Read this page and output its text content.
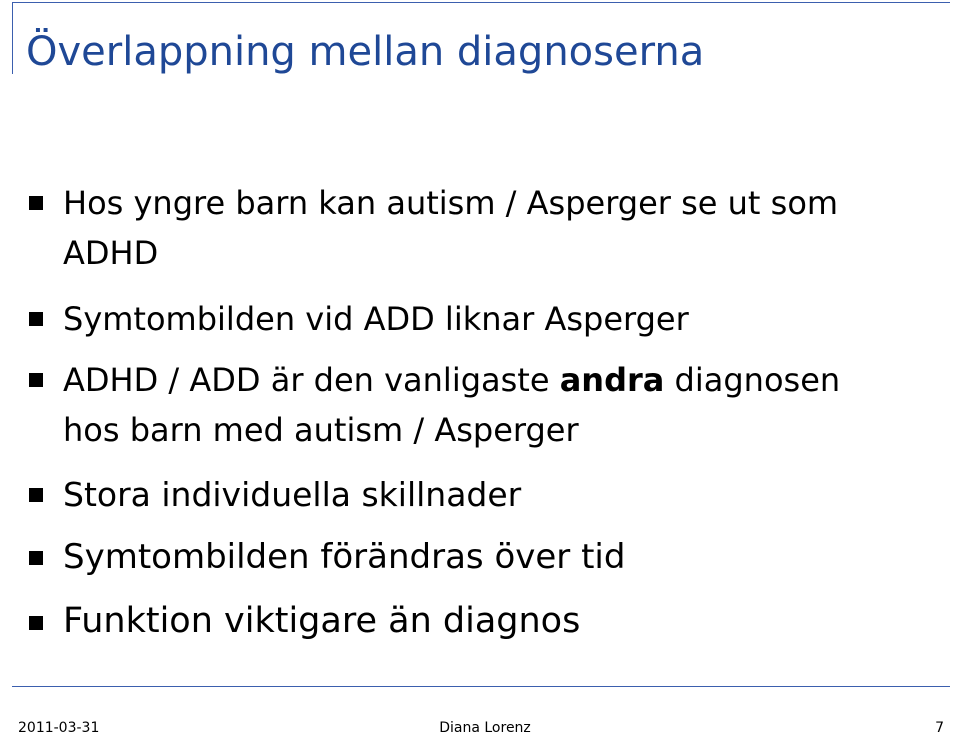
Överlappning mellan diagnoserna
Hos yngre barn kan autism / Asperger se ut som
ADHD
Symtombilden vid ADD liknar Asperger
ADHD / ADD är den vanligaste andra diagnosen
hos barn med autism / Asperger
Stora individuella skillnader
Symtombilden förändras över tid
Funktion viktigare än diagnos
2011-03-31	Diana Lorenz	7
